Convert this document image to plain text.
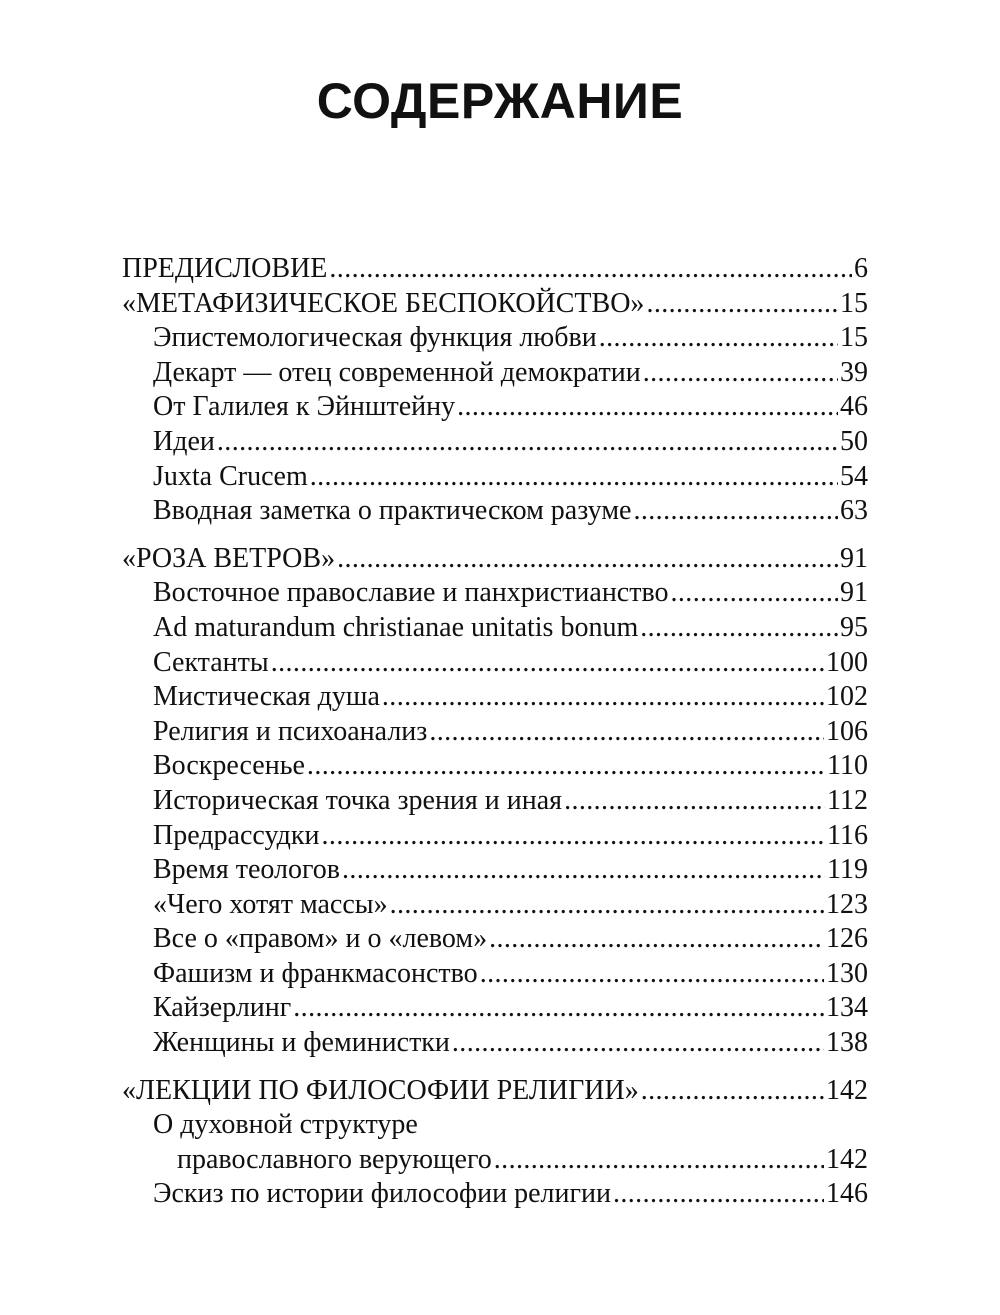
СОДЕРЖАНИЕ
ПРЕДИСЛОВИЕ .....	6
«МЕТАФИЗИЧЕСКОЕ БЕСПОКОЙСТВО» .....	15
Эпистемологическая функция любви .....	15
Декарт — отец современной демократии .....	39
От Галилея к Эйнштейну .....	46
Идеи .....	50
Juxta Crucem .....	54
Вводная заметка о практическом разуме .....	63
«РОЗА ВЕТРОВ» .....	91
Восточное православие и панхристианство .....	91
Ad maturandum christianae unitatis bonum .....	95
Сектанты .....	100
Мистическая душа .....	102
Религия и психоанализ .....	106
Воскресенье .....	110
Историческая точка зрения и иная .....	112
Предрассудки .....	116
Время теологов .....	119
«Чего хотят массы» .....	123
Все о «правом» и о «левом» .....	126
Фашизм и франкмасонство .....	130
Кайзерлинг .....	134
Женщины и феминистки .....	138
«ЛЕКЦИИ ПО ФИЛОСОФИИ РЕЛИГИИ» .....	142
О духовной структуре
православного верующего .....	142
Эскиз по истории философии религии .....	146
